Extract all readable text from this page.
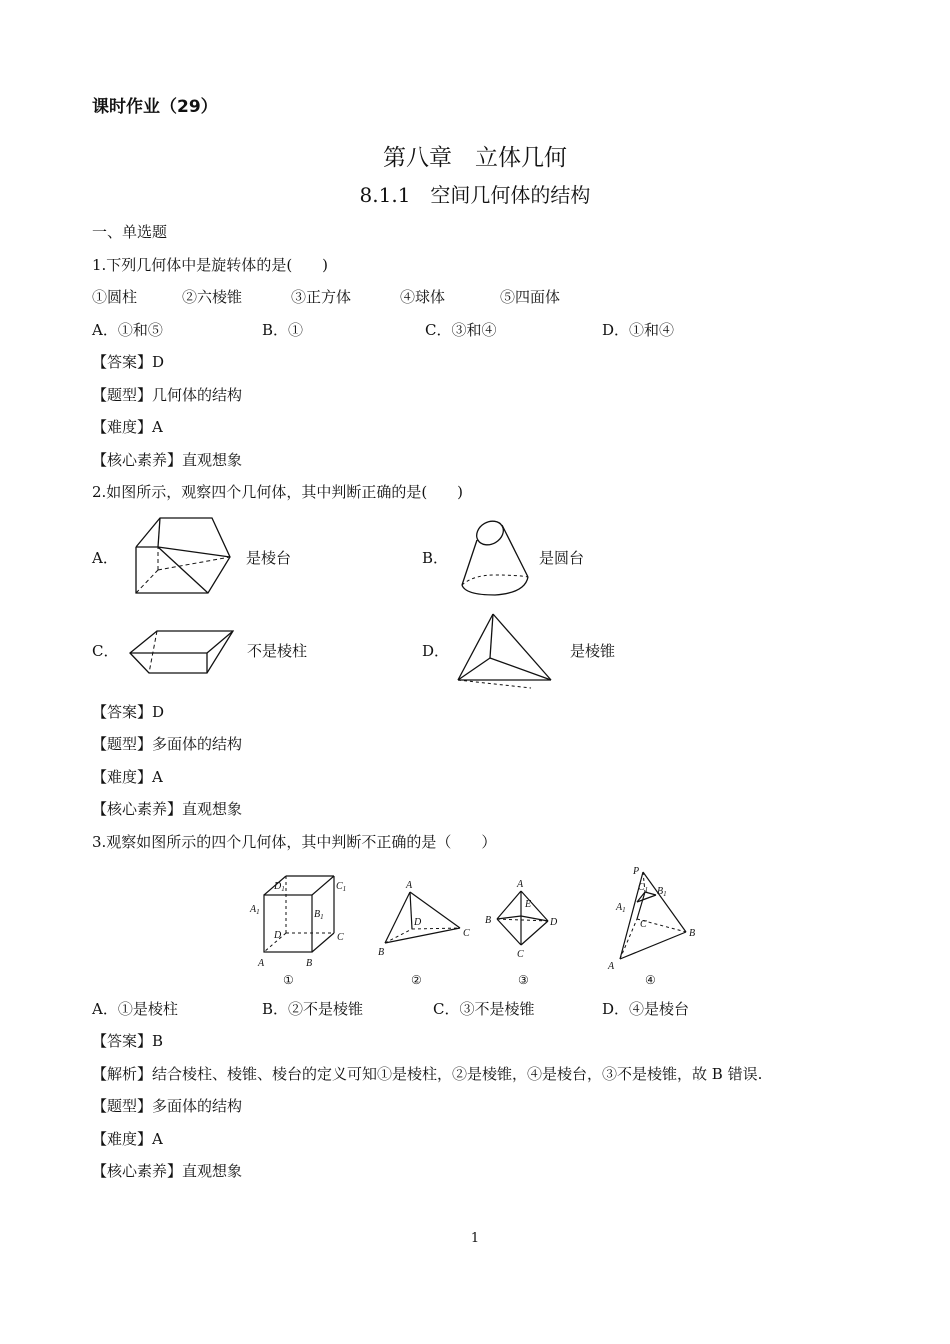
课时作业（29）
第八章　立体几何
8.1.1　空间几何体的结构
一、单选题
1.下列几何体中是旋转体的是(　　)
①圆柱	②六棱锥	③正方体	④球体	⑤四面体
A．①和⑤	B．①	C．③和④	D．①和④
【答案】D
【题型】几何体的结构
【难度】A
【核心素养】直观想象
2.如图所示，观察四个几何体，其中判断正确的是(　　)
A．	是棱台	B．	是圆台
C．	不是棱柱	D．	是棱锥
【答案】D
【题型】多面体的结构
【难度】A
【核心素养】直观想象
3.观察如图所示的四个几何体，其中判断不正确的是（　　）
D	C
A	B
$D_1$	$C_1$
$A_1$	$B_1$
①
A
D
B
C
②
A
E
B	D
C
③
P
$C_1$ $B_1$
$A_1$
C
B
A
④
A．①是棱柱	B．②不是棱锥	C．③不是棱锥	D．④是棱台
【答案】B
【解析】结合棱柱、棱锥、棱台的定义可知①是棱柱，②是棱锥，④是棱台，③不是棱锥，故 B 错误.
【题型】多面体的结构
【难度】A
【核心素养】直观想象
1
